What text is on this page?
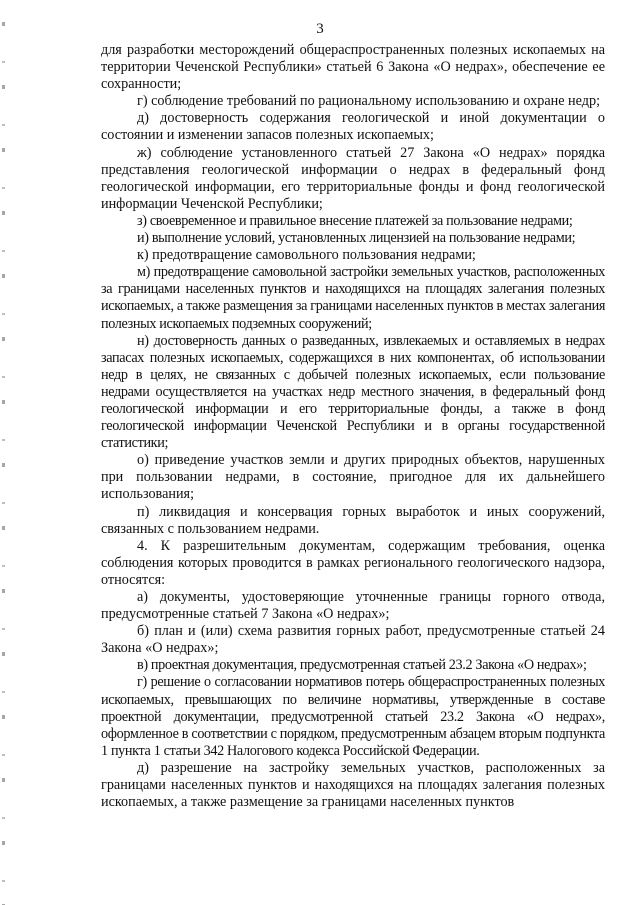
3

для разработки месторождений общераспространенных полезных ископаемых на территории Чеченской Республики» статьей 6 Закона «О недрах», обеспечение ее сохранности;

г) соблюдение требований по рациональному использованию и охране недр;

д) достоверность содержания геологической и иной документации о состоянии и изменении запасов полезных ископаемых;

ж) соблюдение установленного статьей 27 Закона «О недрах» порядка представления геологической информации о недрах в федеральный фонд геологической информации, его территориальные фонды и фонд геологической информации Чеченской Республики;

з) своевременное и правильное внесение платежей за пользование недрами;

и) выполнение условий, установленных лицензией на пользование недрами;

к) предотвращение самовольного пользования недрами;

м) предотвращение самовольной застройки земельных участков, расположенных за границами населенных пунктов и находящихся на площадях залегания полезных ископаемых, а также размещения за границами населенных пунктов в местах залегания полезных ископаемых подземных сооружений;

н) достоверность данных о разведанных, извлекаемых и оставляемых в недрах запасах полезных ископаемых, содержащихся в них компонентах, об использовании недр в целях, не связанных с добычей полезных ископаемых, если пользование недрами осуществляется на участках недр местного значения, в федеральный фонд геологической информации и его территориальные фонды, а также в фонд геологической информации Чеченской Республики и в органы государственной статистики;

о) приведение участков земли и других природных объектов, нарушенных при пользовании недрами, в состояние, пригодное для их дальнейшего использования;

п) ликвидация и консервация горных выработок и иных сооружений, связанных с пользованием недрами.

4. К разрешительным документам, содержащим требования, оценка соблюдения которых проводится в рамках регионального геологического надзора, относятся:

а) документы, удостоверяющие уточненные границы горного отвода, предусмотренные статьей 7 Закона «О недрах»;

б) план и (или) схема развития горных работ, предусмотренные статьей 24 Закона «О недрах»;

в) проектная документация, предусмотренная статьей 23.2 Закона «О недрах»;

г) решение о согласовании нормативов потерь общераспространенных полезных ископаемых, превышающих по величине нормативы, утвержденные в составе проектной документации, предусмотренной статьей 23.2 Закона «О недрах», оформленное в соответствии с порядком, предусмотренным абзацем вторым подпункта 1 пункта 1 статьи 342 Налогового кодекса Российской Федерации.

д) разрешение на застройку земельных участков, расположенных за границами населенных пунктов и находящихся на площадях залегания полезных ископаемых, а также размещение за границами населенных пунктов
